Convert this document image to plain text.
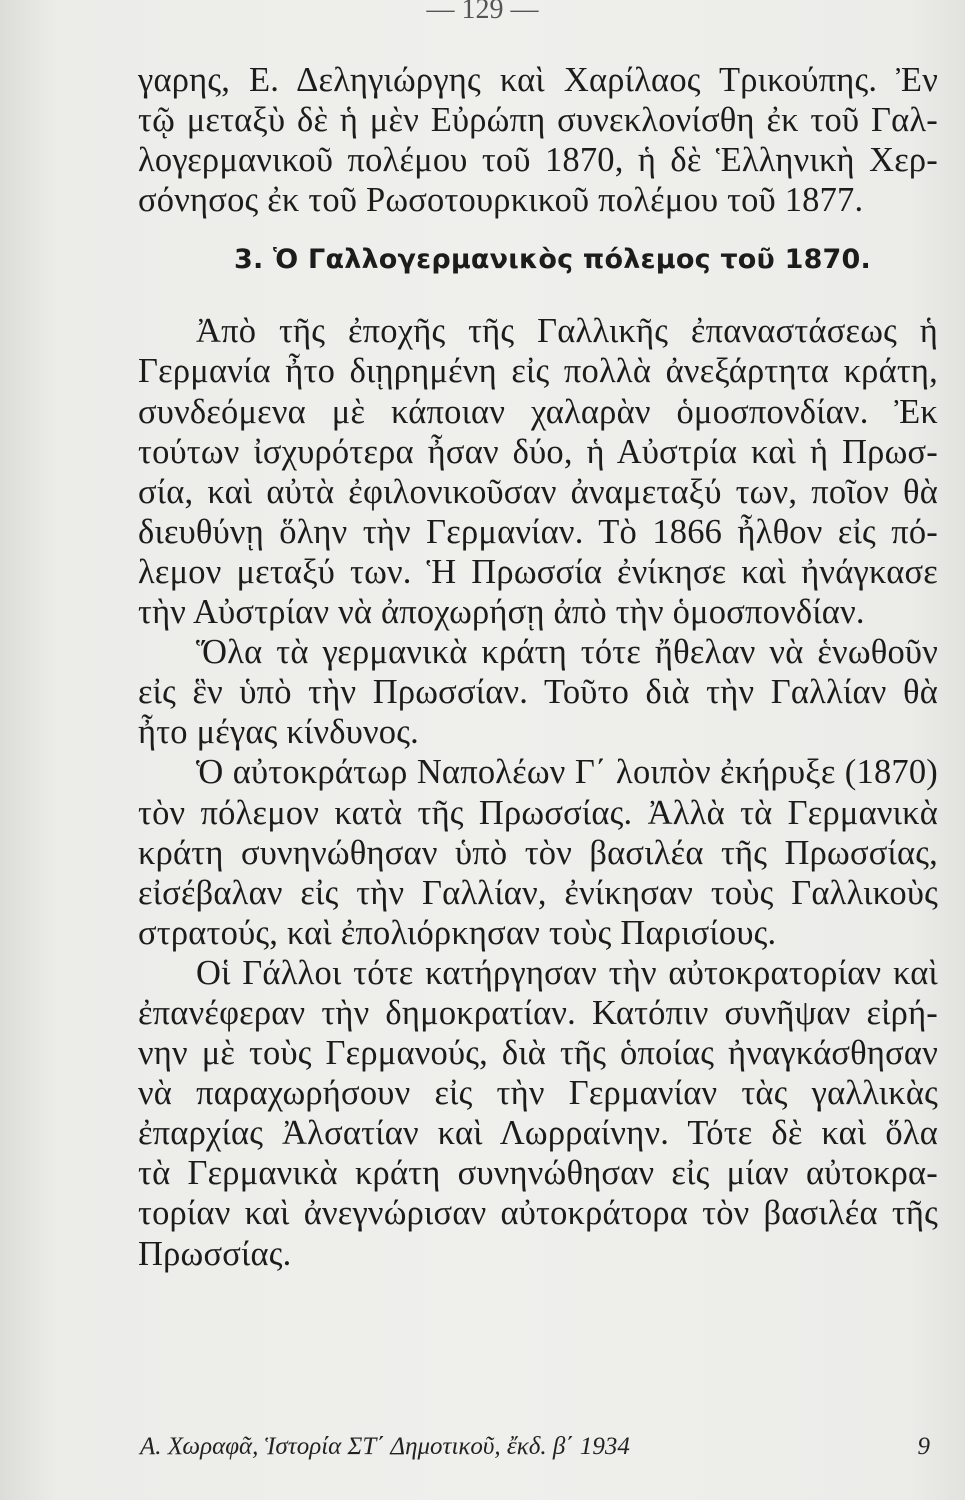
— 129 —
γαρης, Ε. Δεληγιώργης καὶ Χαρίλαος Τρικούπης. Ἐν
τῷ μεταξὺ δὲ ἡ μὲν Εὐρώπη συνεκλονίσθη ἐκ τοῦ Γαλ-
λογερμανικοῦ πολέμου τοῦ 1870, ἡ δὲ Ἑλληνικὴ Χερ-
σόνησος ἐκ τοῦ Ρωσοτουρκικοῦ πολέμου τοῦ 1877.
3. Ὁ Γαλλογερμανικὸς πόλεμος τοῦ 1870.
Ἀπὸ τῆς ἐποχῆς τῆς Γαλλικῆς ἐπαναστάσεως ἡ
Γερμανία ἦτο διῃρημένη εἰς πολλὰ ἀνεξάρτητα κράτη,
συνδεόμενα μὲ κάποιαν χαλαρὰν ὁμοσπονδίαν. Ἐκ
τούτων ἰσχυρότερα ἦσαν δύο, ἡ Αὐστρία καὶ ἡ Πρωσ-
σία, καὶ αὐτὰ ἐφιλονικοῦσαν ἀναμεταξύ των, ποῖον θὰ
διευθύνῃ ὅλην τὴν Γερμανίαν. Τὸ 1866 ἦλθον εἰς πό-
λεμον μεταξύ των. Ἡ Πρωσσία ἐνίκησε καὶ ἠνάγκασε
τὴν Αὐστρίαν νὰ ἀποχωρήσῃ ἀπὸ τὴν ὁμοσπονδίαν.
Ὅλα τὰ γερμανικὰ κράτη τότε ἤθελαν νὰ ἑνωθοῦν
εἰς ἓν ὑπὸ τὴν Πρωσσίαν. Τοῦτο διὰ τὴν Γαλλίαν θὰ
ἦτο μέγας κίνδυνος.
Ὁ αὐτοκράτωρ Ναπολέων Γ΄ λοιπὸν ἐκήρυξε (1870)
τὸν πόλεμον κατὰ τῆς Πρωσσίας. Ἀλλὰ τὰ Γερμανικὰ
κράτη συνηνώθησαν ὑπὸ τὸν βασιλέα τῆς Πρωσσίας,
εἰσέβαλαν εἰς τὴν Γαλλίαν, ἐνίκησαν τοὺς Γαλλικοὺς
στρατούς, καὶ ἐπολιόρκησαν τοὺς Παρισίους.
Οἱ Γάλλοι τότε κατήργησαν τὴν αὐτοκρατορίαν καὶ
ἐπανέφεραν τὴν δημοκρατίαν. Κατόπιν συνῆψαν εἰρή-
νην μὲ τοὺς Γερμανούς, διὰ τῆς ὁποίας ἠναγκάσθησαν
νὰ παραχωρήσουν εἰς τὴν Γερμανίαν τὰς γαλλικὰς
ἐπαρχίας Ἀλσατίαν καὶ Λωρραίνην. Τότε δὲ καὶ ὅλα
τὰ Γερμανικὰ κράτη συνηνώθησαν εἰς μίαν αὐτοκρα-
τορίαν καὶ ἀνεγνώρισαν αὐτοκράτορα τὸν βασιλέα τῆς
Πρωσσίας.
Α. Χωραφᾶ, Ἱστορία ΣΤ΄ Δημοτικοῦ, ἔκδ. β΄ 1934	9
